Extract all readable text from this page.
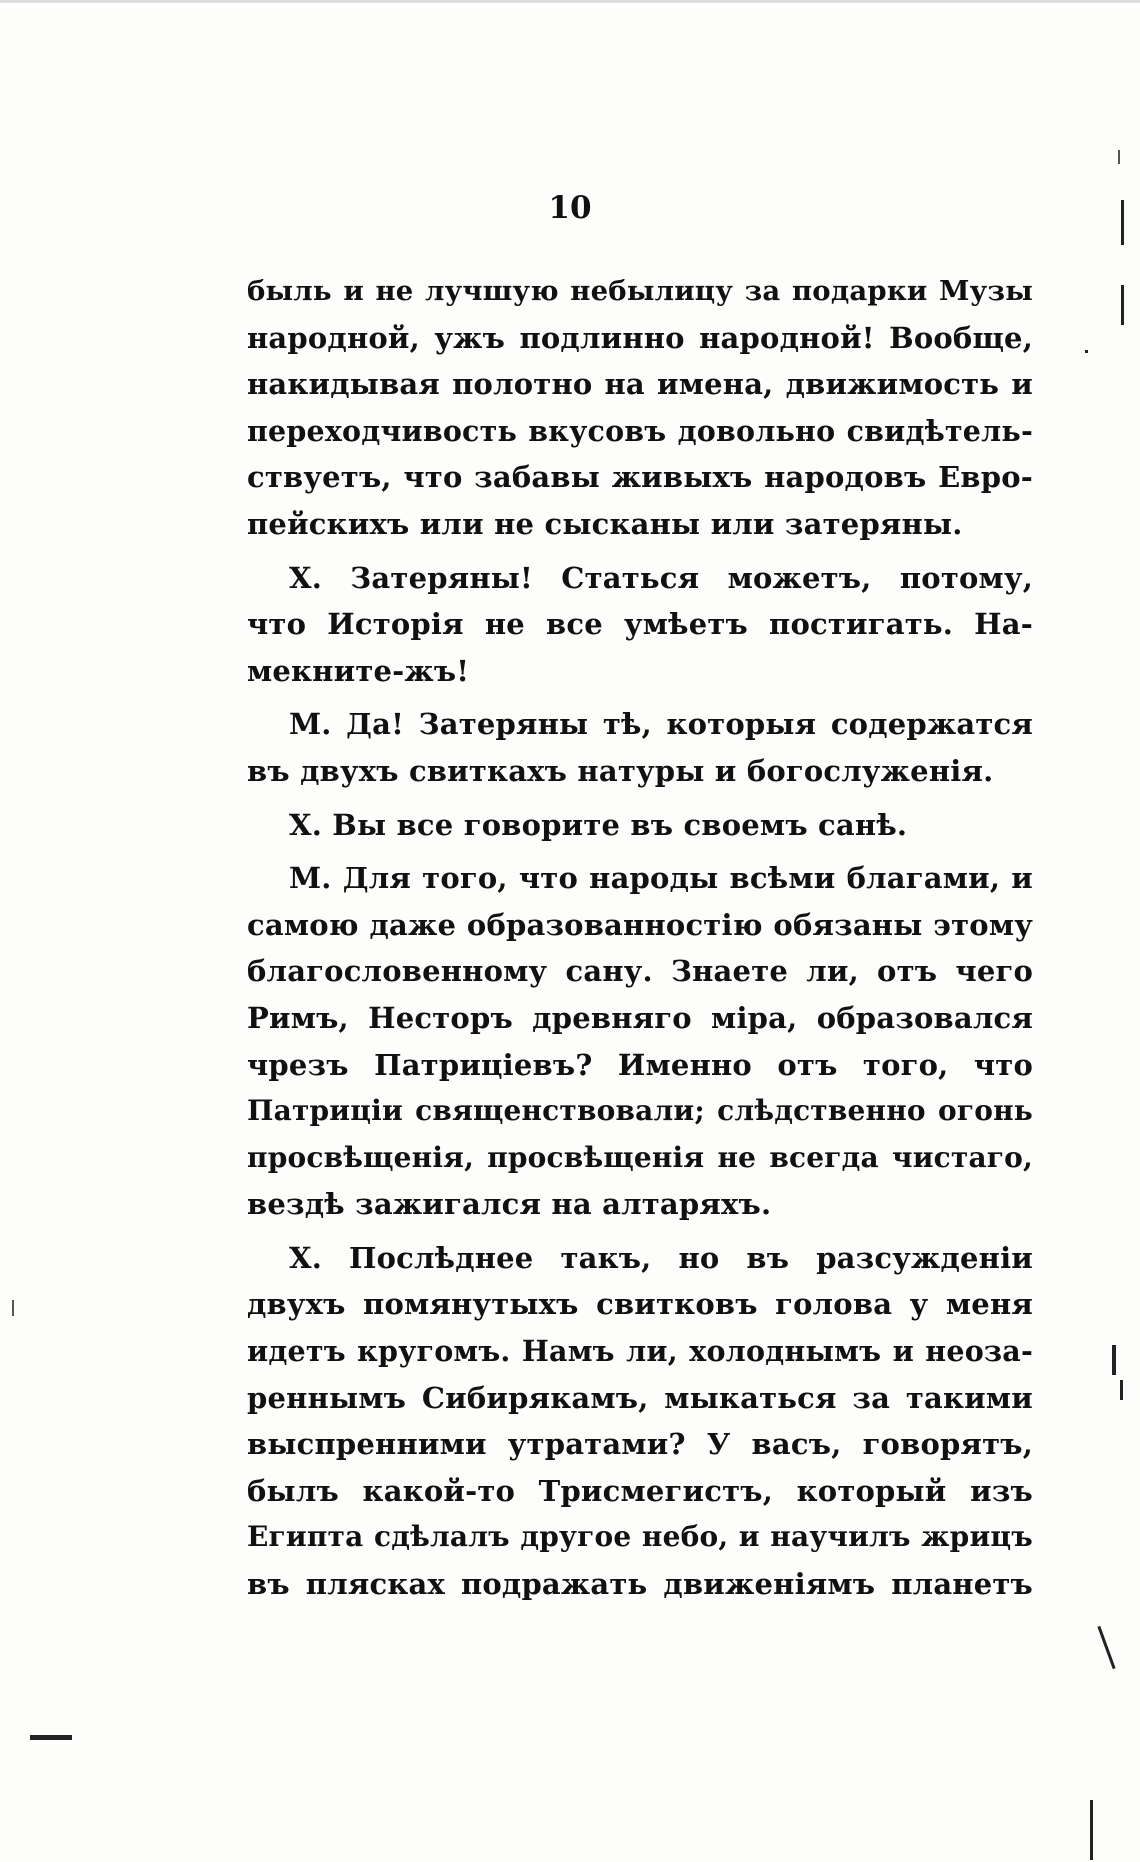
10
быль и не лучшую небылицу за подарки Музы
народной, ужъ подлинно народной! Вообще,
накидывая полотно на имена, движимость и
переходчивость вкусовъ довольно свидѣтель-
ствуетъ, что забавы живыхъ народовъ Евро-
пейскихъ или не сысканы или затеряны.
Х. Затеряны! Статься можетъ, потому,
что Исторія не все умѣетъ постигать. На-
мекните-жъ!
М. Да! Затеряны тѣ, которыя содержатся
въ двухъ свиткахъ натуры и богослуженія.
Х. Вы все говорите въ своемъ санѣ.
М. Для того, что народы всѣми благами, и
самою даже образованностію обязаны этому
благословенному сану. Знаете ли, отъ чего
Римъ, Несторъ древняго міра, образовался
чрезъ Патриціевъ? Именно отъ того, что
Патриціи священствовали; слѣдственно огонь
просвѣщенія, просвѣщенія не всегда чистаго,
вездѣ зажигался на алтаряхъ.
Х. Послѣднее такъ, но въ разсужденіи
двухъ помянутыхъ свитковъ голова у меня
идетъ кругомъ. Намъ ли, холоднымъ и неоза-
реннымъ Сибирякамъ, мыкаться за такими
выспренними утратами? У васъ, говорятъ,
былъ какой-то Трисмегистъ, который изъ
Египта сдѣлалъ другое небо, и научилъ жрицъ
въ плясках подражать движеніямъ планетъ
